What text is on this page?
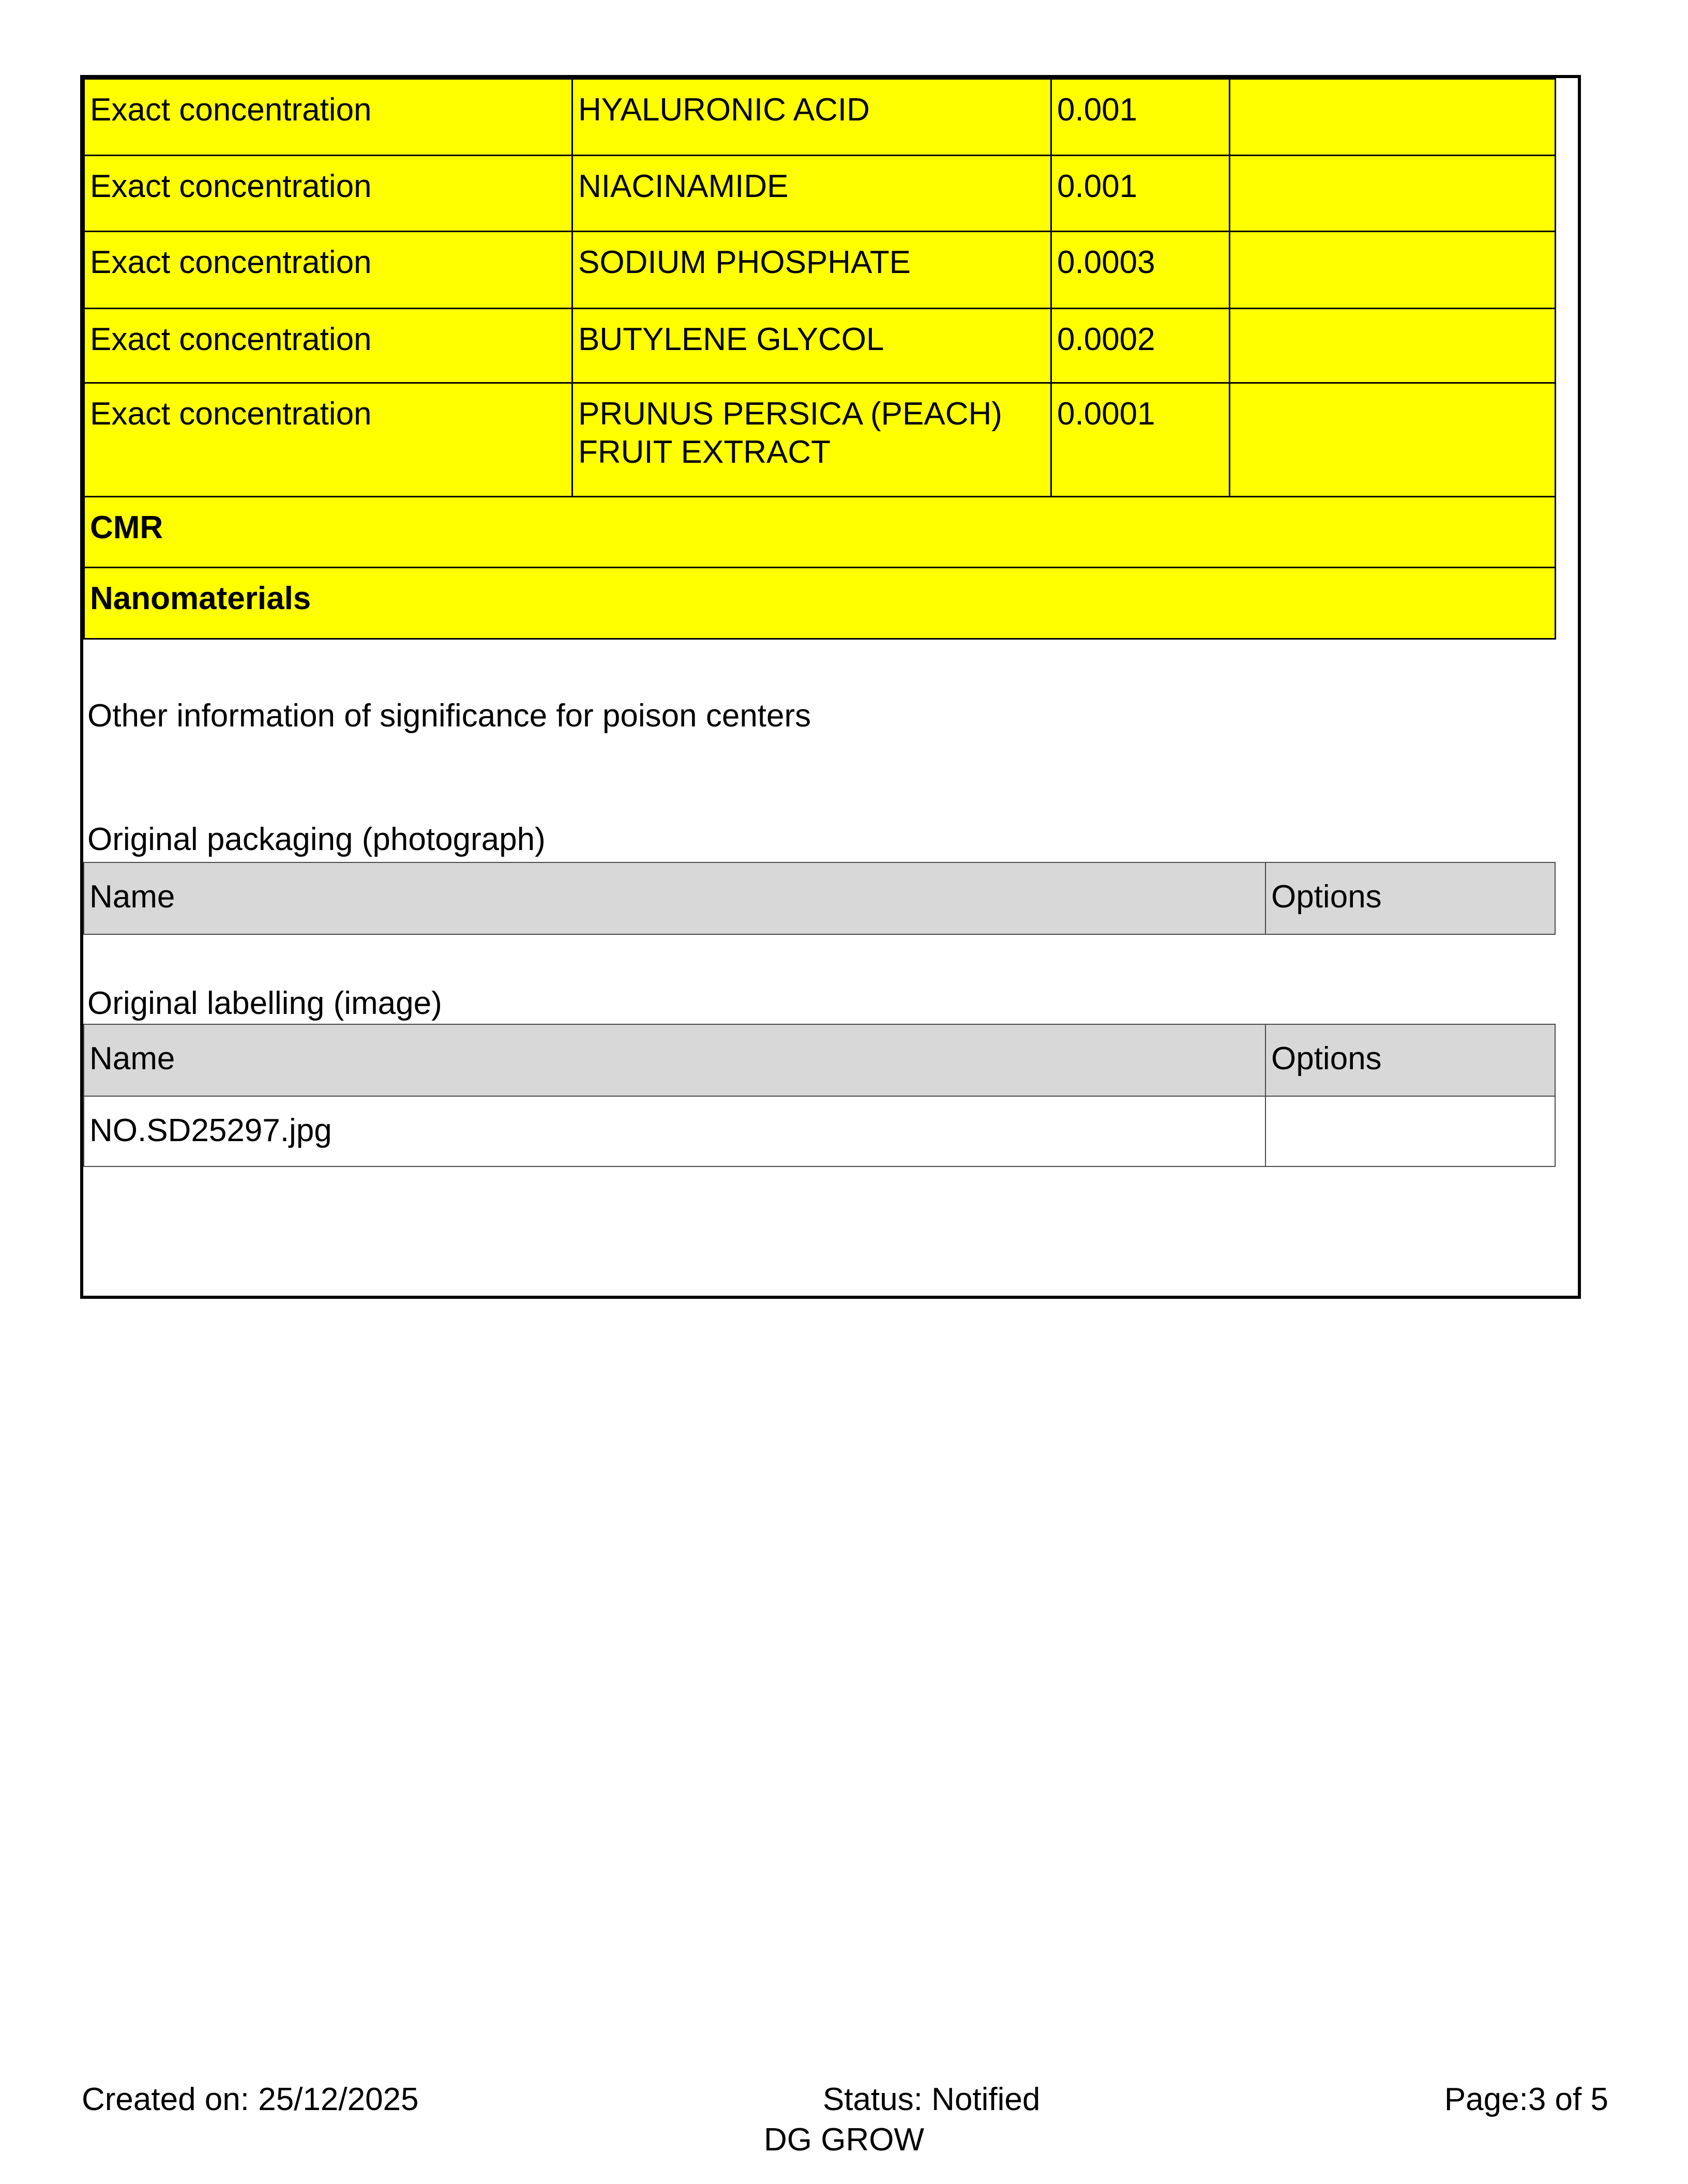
Exact concentration	HYALURONIC ACID	0.001	
Exact concentration	NIACINAMIDE	0.001	
Exact concentration	SODIUM PHOSPHATE	0.0003	
Exact concentration	BUTYLENE GLYCOL	0.0002	
Exact concentration	PRUNUS PERSICA (PEACH) FRUIT EXTRACT	0.0001	
CMR			
Nanomaterials			
Other information of significance for poison centers
Original packaging (photograph)
Name	Options
Original labelling (image)
Name	Options
NO.SD25297.jpg	
Created on: 25/12/2025	Status: Notified	Page:3 of 5
DG GROW
